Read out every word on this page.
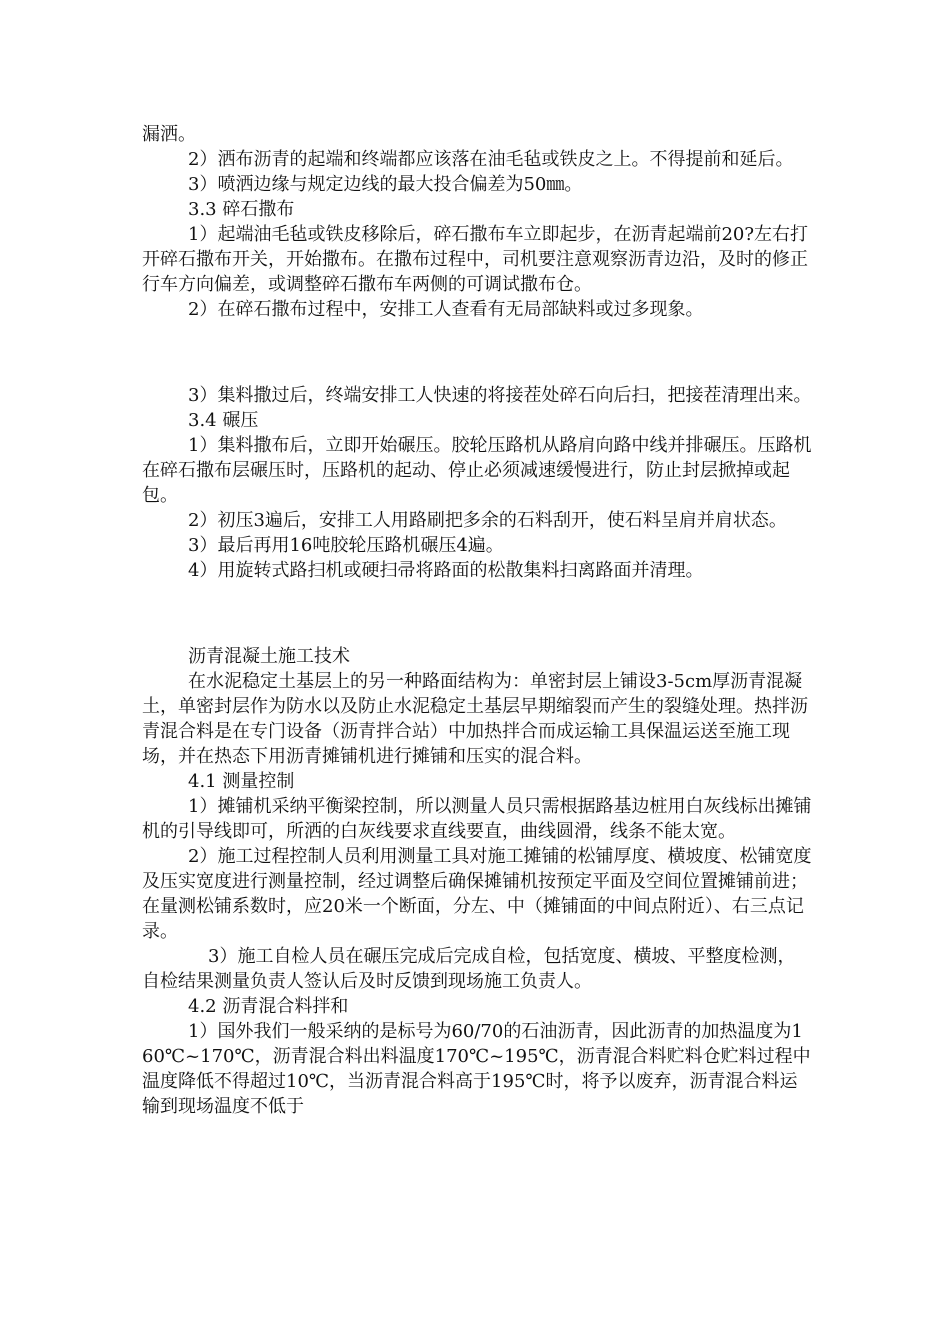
漏洒。

2）洒布沥青的起端和终端都应该落在油毛毡或铁皮之上。不得提前和延后。

3）喷洒边缘与规定边线的最大投合偏差为50㎜。

3.3 碎石撒布

1）起端油毛毡或铁皮移除后，碎石撒布车立即起步，在沥青起端前20?左右打开碎石撒布开关，开始撒布。在撒布过程中，司机要注意观察沥青边沿，及时的修正行车方向偏差，或调整碎石撒布车两侧的可调试撒布仓。

2）在碎石撒布过程中，安排工人查看有无局部缺料或过多现象。

3）集料撒过后，终端安排工人快速的将接茬处碎石向后扫，把接茬清理出来。

3.4 碾压

1）集料撒布后，立即开始碾压。胶轮压路机从路肩向路中线并排碾压。压路机在碎石撒布层碾压时，压路机的起动、停止必须减速缓慢进行，防止封层掀掉或起包。

2）初压3遍后，安排工人用路刷把多余的石料刮开，使石料呈肩并肩状态。

3）最后再用16吨胶轮压路机碾压4遍。

4）用旋转式路扫机或硬扫帚将路面的松散集料扫离路面并清理。

沥青混凝土施工技术

在水泥稳定土基层上的另一种路面结构为：单密封层上铺设3-5cm厚沥青混凝土，单密封层作为防水以及防止水泥稳定土基层早期缩裂而产生的裂缝处理。热拌沥青混合料是在专门设备（沥青拌合站）中加热拌合而成运输工具保温运送至施工现场，并在热态下用沥青摊铺机进行摊铺和压实的混合料。

4.1 测量控制

1）摊铺机采纳平衡梁控制，所以测量人员只需根据路基边桩用白灰线标出摊铺机的引导线即可，所洒的白灰线要求直线要直，曲线圆滑，线条不能太宽。

2）施工过程控制人员利用测量工具对施工摊铺的松铺厚度、横坡度、松铺宽度及压实宽度进行测量控制，经过调整后确保摊铺机按预定平面及空间位置摊铺前进；在量测松铺系数时，应20米一个断面，分左、中（摊铺面的中间点附近）、右三点记录。

3）施工自检人员在碾压完成后完成自检，包括宽度、横坡、平整度检测，自检结果测量负责人签认后及时反馈到现场施工负责人。

4.2 沥青混合料拌和

1）国外我们一般采纳的是标号为60/70的石油沥青，因此沥青的加热温度为160℃~170℃，沥青混合料出料温度170℃~195℃，沥青混合料贮料仓贮料过程中温度降低不得超过10℃，当沥青混合料高于195℃时，将予以废弃，沥青混合料运输到现场温度不低于
